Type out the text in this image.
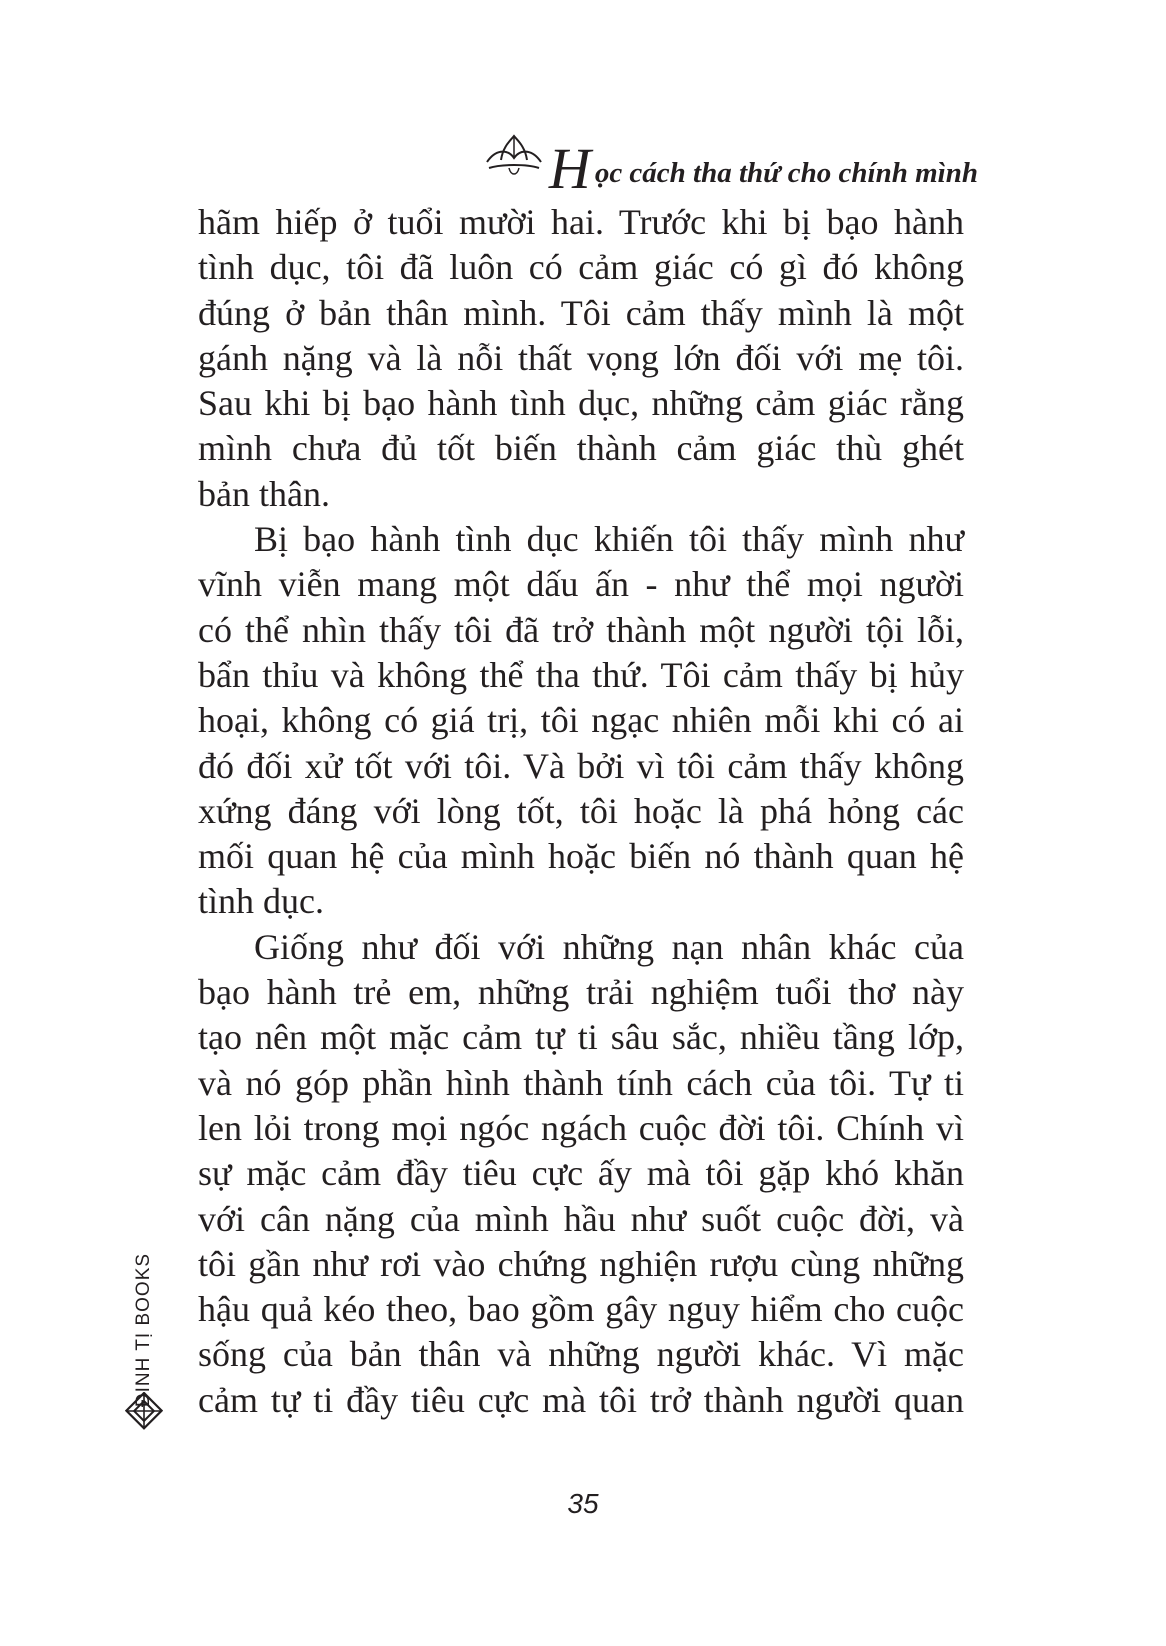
H ọc cách tha thứ cho chính mình
hãm hiếp ở tuổi mười hai. Trước khi bị bạo hành
tình dục, tôi đã luôn có cảm giác có gì đó không
đúng ở bản thân mình. Tôi cảm thấy mình là một
gánh nặng và là nỗi thất vọng lớn đối với mẹ tôi.
Sau khi bị bạo hành tình dục, những cảm giác rằng
mình chưa đủ tốt biến thành cảm giác thù ghét
bản thân.
Bị bạo hành tình dục khiến tôi thấy mình như
vĩnh viễn mang một dấu ấn - như thể mọi người
có thể nhìn thấy tôi đã trở thành một người tội lỗi,
bẩn thỉu và không thể tha thứ. Tôi cảm thấy bị hủy
hoại, không có giá trị, tôi ngạc nhiên mỗi khi có ai
đó đối xử tốt với tôi. Và bởi vì tôi cảm thấy không
xứng đáng với lòng tốt, tôi hoặc là phá hỏng các
mối quan hệ của mình hoặc biến nó thành quan hệ
tình dục.
Giống như đối với những nạn nhân khác của
bạo hành trẻ em, những trải nghiệm tuổi thơ này
tạo nên một mặc cảm tự ti sâu sắc, nhiều tầng lớp,
và nó góp phần hình thành tính cách của tôi. Tự ti
len lỏi trong mọi ngóc ngách cuộc đời tôi. Chính vì
sự mặc cảm đầy tiêu cực ấy mà tôi gặp khó khăn
với cân nặng của mình hầu như suốt cuộc đời, và
tôi gần như rơi vào chứng nghiện rượu cùng những
hậu quả kéo theo, bao gồm gây nguy hiểm cho cuộc
sống của bản thân và những người khác. Vì mặc
cảm tự ti đầy tiêu cực mà tôi trở thành người quan
ĐINH TỊ BOOKS
35
